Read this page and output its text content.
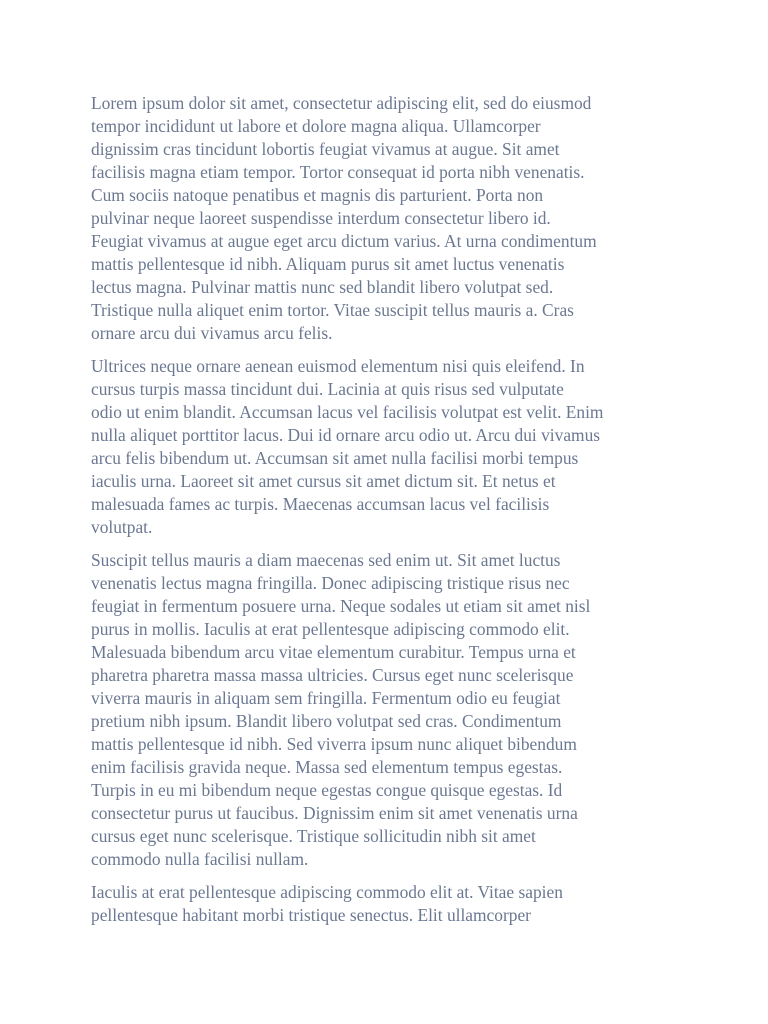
Lorem ipsum dolor sit amet, consectetur adipiscing elit, sed do eiusmod
tempor incididunt ut labore et dolore magna aliqua. Ullamcorper
dignissim cras tincidunt lobortis feugiat vivamus at augue. Sit amet
facilisis magna etiam tempor. Tortor consequat id porta nibh venenatis.
Cum sociis natoque penatibus et magnis dis parturient. Porta non
pulvinar neque laoreet suspendisse interdum consectetur libero id.
Feugiat vivamus at augue eget arcu dictum varius. At urna condimentum
mattis pellentesque id nibh. Aliquam purus sit amet luctus venenatis
lectus magna. Pulvinar mattis nunc sed blandit libero volutpat sed.
Tristique nulla aliquet enim tortor. Vitae suscipit tellus mauris a. Cras
ornare arcu dui vivamus arcu felis.

Ultrices neque ornare aenean euismod elementum nisi quis eleifend. In
cursus turpis massa tincidunt dui. Lacinia at quis risus sed vulputate
odio ut enim blandit. Accumsan lacus vel facilisis volutpat est velit. Enim
nulla aliquet porttitor lacus. Dui id ornare arcu odio ut. Arcu dui vivamus
arcu felis bibendum ut. Accumsan sit amet nulla facilisi morbi tempus
iaculis urna. Laoreet sit amet cursus sit amet dictum sit. Et netus et
malesuada fames ac turpis. Maecenas accumsan lacus vel facilisis
volutpat.

Suscipit tellus mauris a diam maecenas sed enim ut. Sit amet luctus
venenatis lectus magna fringilla. Donec adipiscing tristique risus nec
feugiat in fermentum posuere urna. Neque sodales ut etiam sit amet nisl
purus in mollis. Iaculis at erat pellentesque adipiscing commodo elit.
Malesuada bibendum arcu vitae elementum curabitur. Tempus urna et
pharetra pharetra massa massa ultricies. Cursus eget nunc scelerisque
viverra mauris in aliquam sem fringilla. Fermentum odio eu feugiat
pretium nibh ipsum. Blandit libero volutpat sed cras. Condimentum
mattis pellentesque id nibh. Sed viverra ipsum nunc aliquet bibendum
enim facilisis gravida neque. Massa sed elementum tempus egestas.
Turpis in eu mi bibendum neque egestas congue quisque egestas. Id
consectetur purus ut faucibus. Dignissim enim sit amet venenatis urna
cursus eget nunc scelerisque. Tristique sollicitudin nibh sit amet
commodo nulla facilisi nullam.

Iaculis at erat pellentesque adipiscing commodo elit at. Vitae sapien
pellentesque habitant morbi tristique senectus. Elit ullamcorper
